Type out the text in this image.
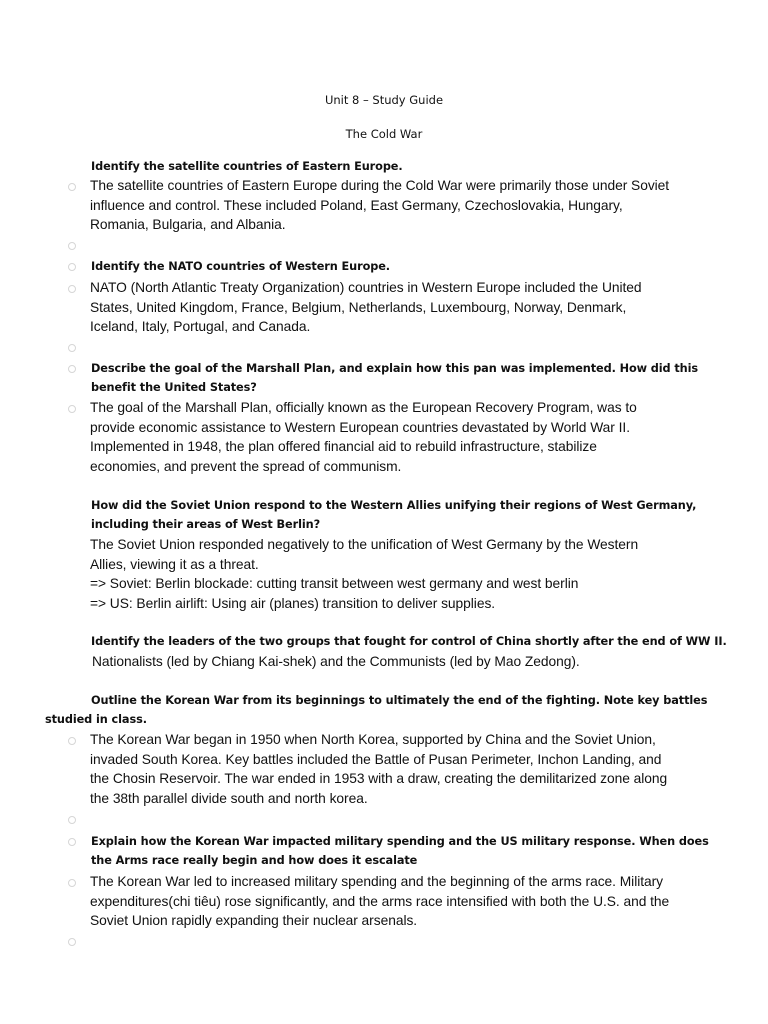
Unit 8 – Study Guide
The Cold War
Identify the satellite countries of Eastern Europe.
The satellite countries of Eastern Europe during the Cold War were primarily those under Soviet
influence and control. These included Poland, East Germany, Czechoslovakia, Hungary,
Romania, Bulgaria, and Albania.
Identify the NATO countries of Western Europe.
NATO (North Atlantic Treaty Organization) countries in Western Europe included the United
States, United Kingdom, France, Belgium, Netherlands, Luxembourg, Norway, Denmark,
Iceland, Italy, Portugal, and Canada.
Describe the goal of the Marshall Plan, and explain how this pan was implemented. How did this
benefit the United States?
The goal of the Marshall Plan, officially known as the European Recovery Program, was to
provide economic assistance to Western European countries devastated by World War II.
Implemented in 1948, the plan offered financial aid to rebuild infrastructure, stabilize
economies, and prevent the spread of communism.
How did the Soviet Union respond to the Western Allies unifying their regions of West Germany,
including their areas of West Berlin?
The Soviet Union responded negatively to the unification of West Germany by the Western
Allies, viewing it as a threat.
=> Soviet: Berlin blockade: cutting transit between west germany and west berlin
=> US: Berlin airlift: Using air (planes) transition to deliver supplies.
Identify the leaders of the two groups that fought for control of China shortly after the end of WW II.
Nationalists (led by Chiang Kai-shek) and the Communists (led by Mao Zedong).
Outline the Korean War from its beginnings to ultimately the end of the fighting. Note key battles
studied in class.
The Korean War began in 1950 when North Korea, supported by China and the Soviet Union,
invaded South Korea. Key battles included the Battle of Pusan Perimeter, Inchon Landing, and
the Chosin Reservoir. The war ended in 1953 with a draw, creating the demilitarized zone along
the 38th parallel divide south and north korea.
Explain how the Korean War impacted military spending and the US military response. When does
the Arms race really begin and how does it escalate
The Korean War led to increased military spending and the beginning of the arms race. Military
expenditures(chi tiêu) rose significantly, and the arms race intensified with both the U.S. and the
Soviet Union rapidly expanding their nuclear arsenals.
